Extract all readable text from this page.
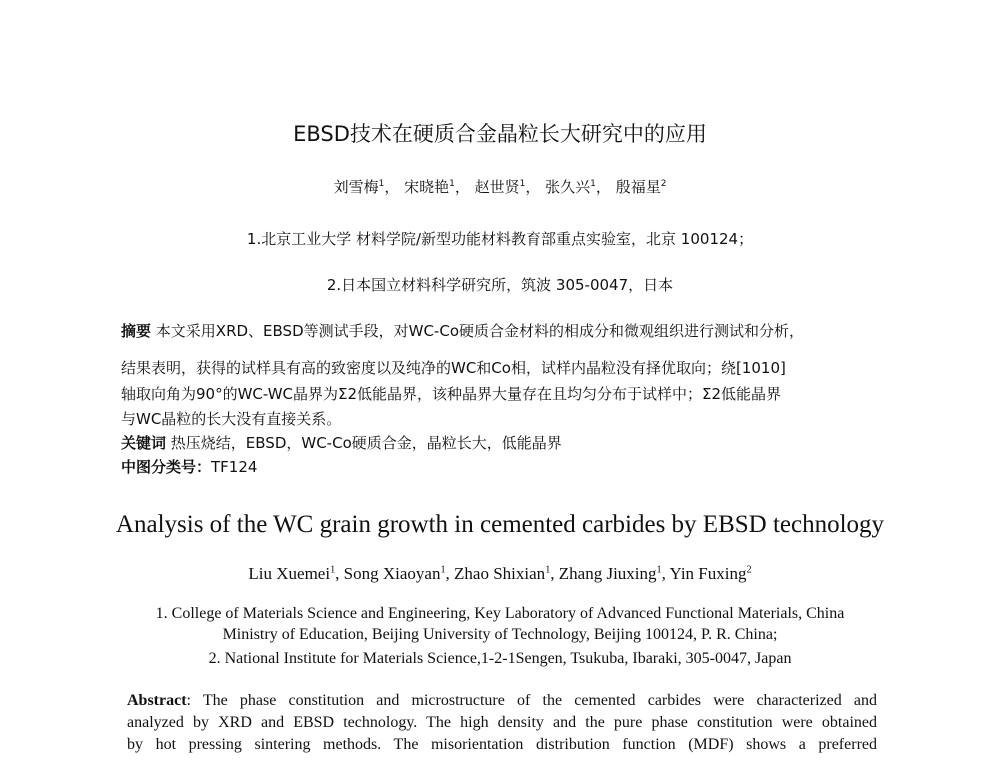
EBSD技术在硬质合金晶粒长大研究中的应用
刘雪梅$^1$， 宋晓艳$^1$， 赵世贤$^1$， 张久兴$^1$， 殷福星$^2$
1.北京工业大学 材料学院/新型功能材料教育部重点实验室，北京 100124；
2.日本国立材料科学研究所，筑波 305-0047，日本
摘要 本文采用XRD、EBSD等测试手段，对WC-Co硬质合金材料的相成分和微观组织进行测试和分析，
结果表明，获得的试样具有高的致密度以及纯净的WC和Co相，试样内晶粒没有择优取向；绕[1010]
轴取向角为90°的WC-WC晶界为Σ2低能晶界，该种晶界大量存在且均匀分布于试样中；Σ2低能晶界
与WC晶粒的长大没有直接关系。
关键词 热压烧结，EBSD，WC-Co硬质合金，晶粒长大，低能晶界
中图分类号：TF124
Analysis of the WC grain growth in cemented carbides by EBSD technology
Liu Xuemei$^1$, Song Xiaoyan$^1$, Zhao Shixian$^1$, Zhang Jiuxing$^1$, Yin Fuxing$^2$
1. College of Materials Science and Engineering, Key Laboratory of Advanced Functional Materials, China
Ministry of Education, Beijing University of Technology, Beijing 100124, P. R. China;
2. National Institute for Materials Science,1-2-1Sengen, Tsukuba, Ibaraki, 305-0047, Japan
Abstract: The phase constitution and microstructure of the cemented carbides were characterized and
analyzed by XRD and EBSD technology. The high density and the pure phase constitution were obtained
by hot pressing sintering methods. The misorientation distribution function (MDF) shows a preferred
